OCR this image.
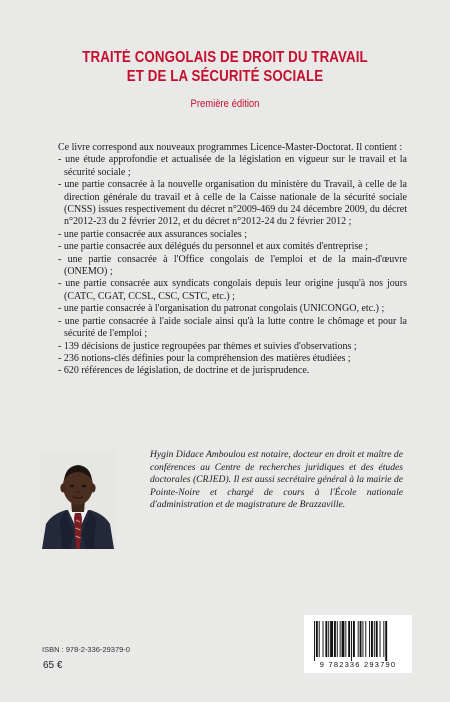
TRAITÉ CONGOLAIS DE DROIT DU TRAVAIL
ET DE LA SÉCURITÉ SOCIALE
Première édition

Ce livre correspond aux nouveaux programmes Licence-Master-Doctorat. Il contient :

- une étude approfondie et actualisée de la législation en vigueur sur le travail et la sécurité sociale ;
- une partie consacrée à la nouvelle organisation du ministère du Travail, à celle de la direction générale du travail et à celle de la Caisse nationale de la sécurité sociale (CNSS) issues respectivement du décret n°2009-469 du 24 décembre 2009, du décret n°2012-23 du 2 février 2012, et du décret n°2012-24 du 2 février 2012 ;
- une partie consacrée aux assurances sociales ;
- une partie consacrée aux délégués du personnel et aux comités d'entreprise ;
- une partie consacrée à l'Office congolais de l'emploi et de la main-d'œuvre (ONEMO) ;
- une partie consacrée aux syndicats congolais depuis leur origine jusqu'à nos jours (CATC, CGAT, CCSL, CSC, CSTC, etc.) ;
- une partie consacrée à l'organisation du patronat congolais (UNICONGO, etc.) ;
- une partie consacrée à l'aide sociale ainsi qu'à la lutte contre le chômage et pour la sécurité de l'emploi ;
- 139 décisions de justice regroupées par thèmes et suivies d'observations ;
- 236 notions-clés définies pour la compréhension des matières étudiées ;
- 620 références de législation, de doctrine et de jurisprudence.
Hygin Didace Amboulou est notaire, docteur en droit et maître de conférences au Centre de recherches juridiques et des études doctorales (CRJED). Il est aussi secrétaire général à la mairie de Pointe-Noire et chargé de cours à l'École nationale d'administration et de magistrature de Brazzaville.
ISBN : 978-2-336-29379-0
65 €	9 782336 293790
